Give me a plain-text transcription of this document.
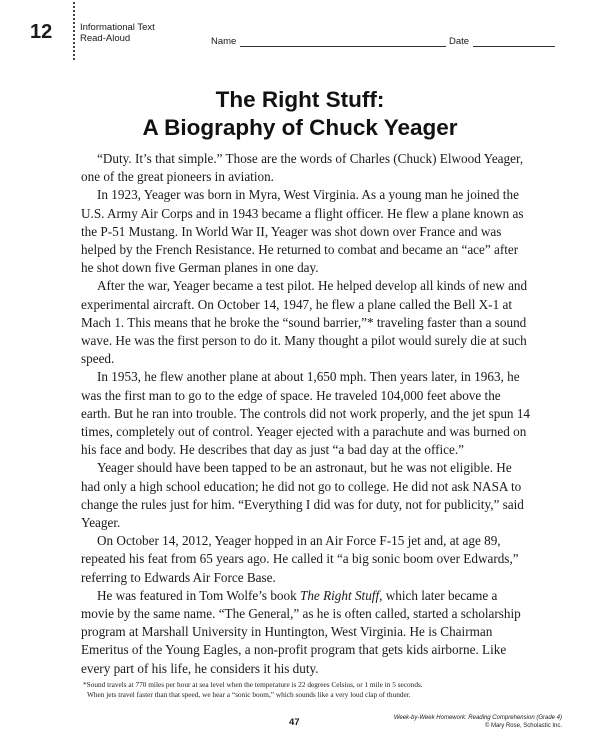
12	Informational Text
Read-Aloud	Name	Date
The Right Stuff:
A Biography of Chuck Yeager

“Duty. It’s that simple.” Those are the words of Charles (Chuck) Elwood Yeager, one of the great pioneers in aviation.

In 1923, Yeager was born in Myra, West Virginia. As a young man he joined the U.S. Army Air Corps and in 1943 became a flight officer. He flew a plane known as the P-51 Mustang. In World War II, Yeager was shot down over France and was helped by the French Resistance. He returned to combat and became an “ace” after he shot down five German planes in one day.

After the war, Yeager became a test pilot. He helped develop all kinds of new and experimental aircraft. On October 14, 1947, he flew a plane called the Bell X-1 at Mach 1. This means that he broke the “sound barrier,”* traveling faster than a sound wave. He was the first person to do it. Many thought a pilot would surely die at such speed.

In 1953, he flew another plane at about 1,650 mph. Then years later, in 1963, he was the first man to go to the edge of space. He traveled 104,000 feet above the earth. But he ran into trouble. The controls did not work properly, and the jet spun 14 times, completely out of control. Yeager ejected with a parachute and was burned on his face and body. He describes that day as just “a bad day at the office.”

Yeager should have been tapped to be an astronaut, but he was not eligible. He had only a high school education; he did not go to college. He did not ask NASA to change the rules just for him. “Everything I did was for duty, not for publicity,” said Yeager.

On October 14, 2012, Yeager hopped in an Air Force F-15 jet and, at age 89, repeated his feat from 65 years ago. He called it “a big sonic boom over Edwards,” referring to Edwards Air Force Base.

He was featured in Tom Wolfe’s book The Right Stuff, which later became a movie by the same name. “The General,” as he is often called, started a scholarship program at Marshall University in Huntington, West Virginia. He is Chairman Emeritus of the Young Eagles, a non-profit program that gets kids airborne. Like every part of his life, he considers it his duty.

*Sound travels at 770 miles per hour at sea level when the temperature is 22 degrees Celsius, or 1 mile in 5 seconds.
When jets travel faster than that speed, we hear a “sonic boom,” which sounds like a very loud clap of thunder.
47	Week-by-Week Homework: Reading Comprehension (Grade 4)
© Mary Rose, Scholastic Inc.
